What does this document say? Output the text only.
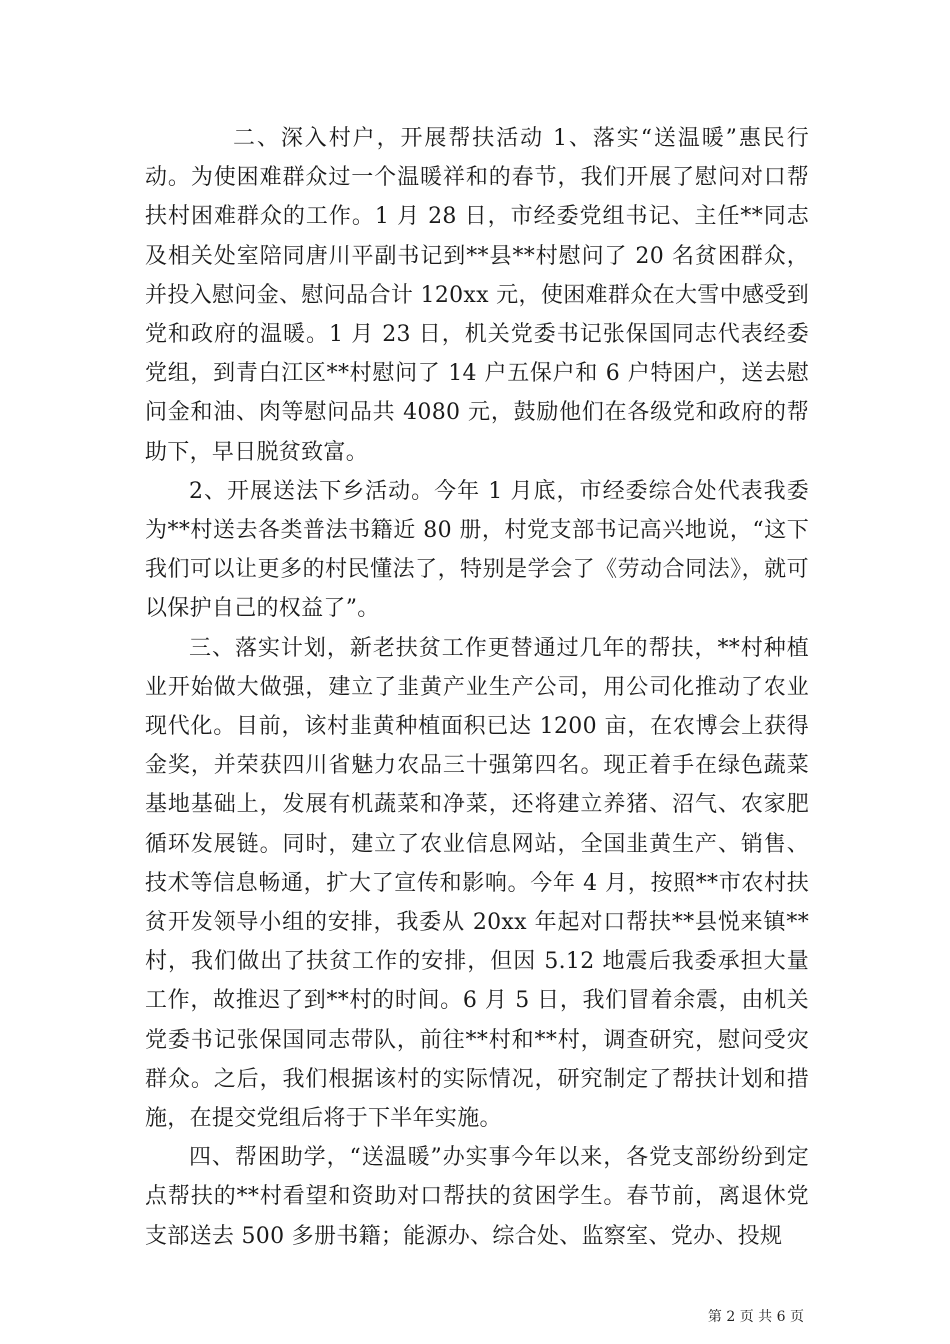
二、深入村户，开展帮扶活动 1、落实“送温暖”惠民行动。为使困难群众过一个温暖祥和的春节，我们开展了慰问对口帮扶村困难群众的工作。1 月 28 日，市经委党组书记、主任**同志及相关处室陪同唐川平副书记到**县**村慰问了 20 名贫困群众，并投入慰问金、慰问品合计 120xx 元，使困难群众在大雪中感受到党和政府的温暖。1 月 23 日，机关党委书记张保国同志代表经委党组，到青白江区**村慰问了 14 户五保户和 6 户特困户，送去慰问金和油、肉等慰问品共 4080 元，鼓励他们在各级党和政府的帮助下，早日脱贫致富。

2、开展送法下乡活动。今年 1 月底，市经委综合处代表我委为**村送去各类普法书籍近 80 册，村党支部书记高兴地说，“这下我们可以让更多的村民懂法了，特别是学会了《劳动合同法》，就可以保护自己的权益了”。

三、落实计划，新老扶贫工作更替通过几年的帮扶，**村种植业开始做大做强，建立了韭黄产业生产公司，用公司化推动了农业现代化。目前，该村韭黄种植面积已达 1200 亩，在农博会上获得金奖，并荣获四川省魅力农品三十强第四名。现正着手在绿色蔬菜基地基础上，发展有机蔬菜和净菜，还将建立养猪、沼气、农家肥循环发展链。同时，建立了农业信息网站，全国韭黄生产、销售、技术等信息畅通，扩大了宣传和影响。今年 4 月，按照**市农村扶贫开发领导小组的安排，我委从 20xx 年起对口帮扶**县悦来镇**村，我们做出了扶贫工作的安排，但因 5.12 地震后我委承担大量工作，故推迟了到**村的时间。6 月 5 日，我们冒着余震，由机关党委书记张保国同志带队，前往**村和**村，调查研究，慰问受灾群众。之后，我们根据该村的实际情况，研究制定了帮扶计划和措施，在提交党组后将于下半年实施。

四、帮困助学，“送温暖”办实事今年以来，各党支部纷纷到定点帮扶的**村看望和资助对口帮扶的贫困学生。春节前，离退休党支部送去 500 多册书籍；能源办、综合处、监察室、党办、投规

第 2 页 共 6 页
